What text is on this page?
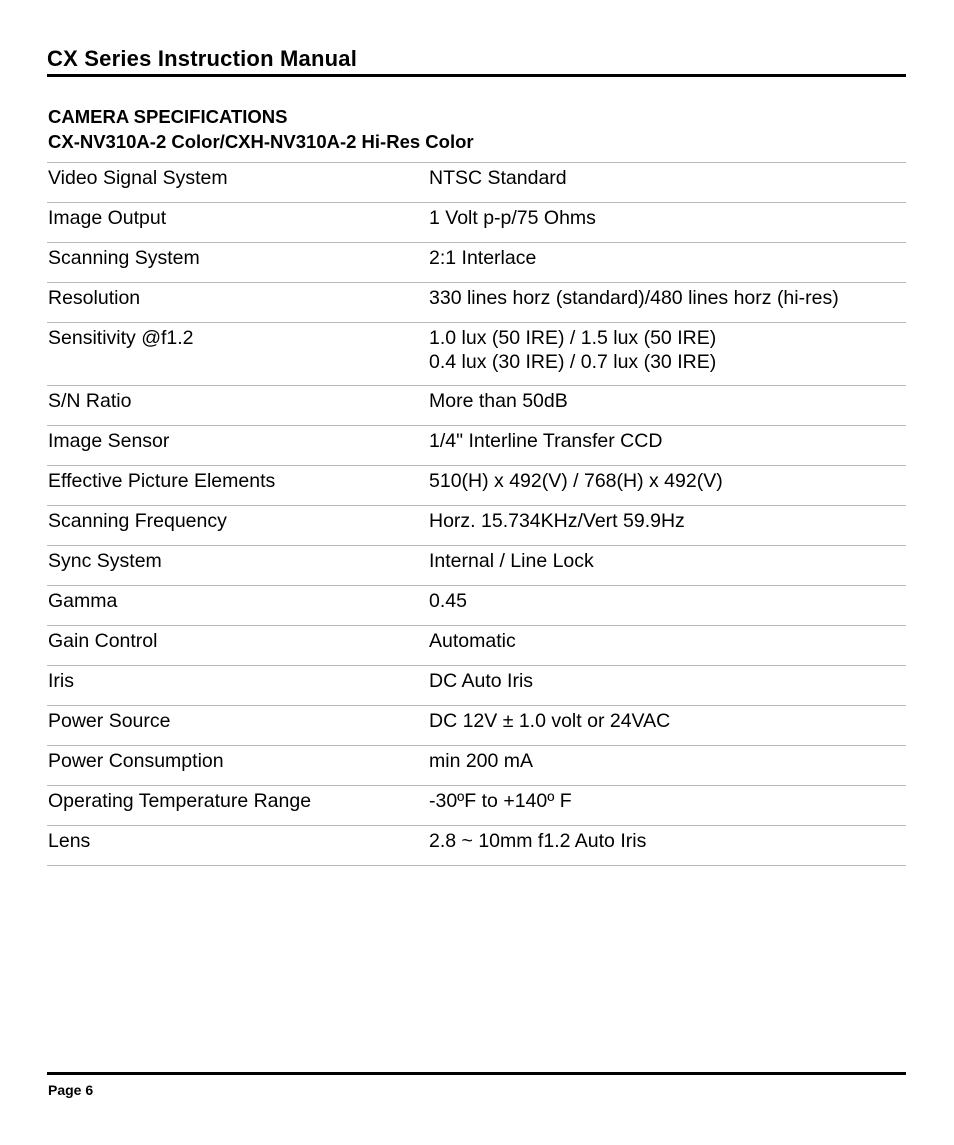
CX Series Instruction Manual
CAMERA SPECIFICATIONS
CX-NV310A-2 Color/CXH-NV310A-2 Hi-Res Color
Video Signal System	NTSC Standard
Image Output	1 Volt p-p/75 Ohms
Scanning System	2:1 Interlace
Resolution	330 lines horz (standard)/480 lines horz (hi-res)
Sensitivity @f1.2	1.0 lux (50 IRE) / 1.5 lux (50 IRE)
0.4 lux (30 IRE) / 0.7 lux (30 IRE)
S/N Ratio	More than 50dB
Image Sensor	1/4" Interline Transfer CCD
Effective Picture Elements	510(H) x 492(V) / 768(H) x 492(V)
Scanning Frequency	Horz. 15.734KHz/Vert 59.9Hz
Sync System	Internal / Line Lock
Gamma	0.45
Gain Control	Automatic
Iris	DC Auto Iris
Power Source	DC 12V ± 1.0 volt or 24VAC
Power Consumption	min 200 mA
Operating Temperature Range	-30ºF to +140º F
Lens	2.8 ~ 10mm f1.2 Auto Iris
Page 6
